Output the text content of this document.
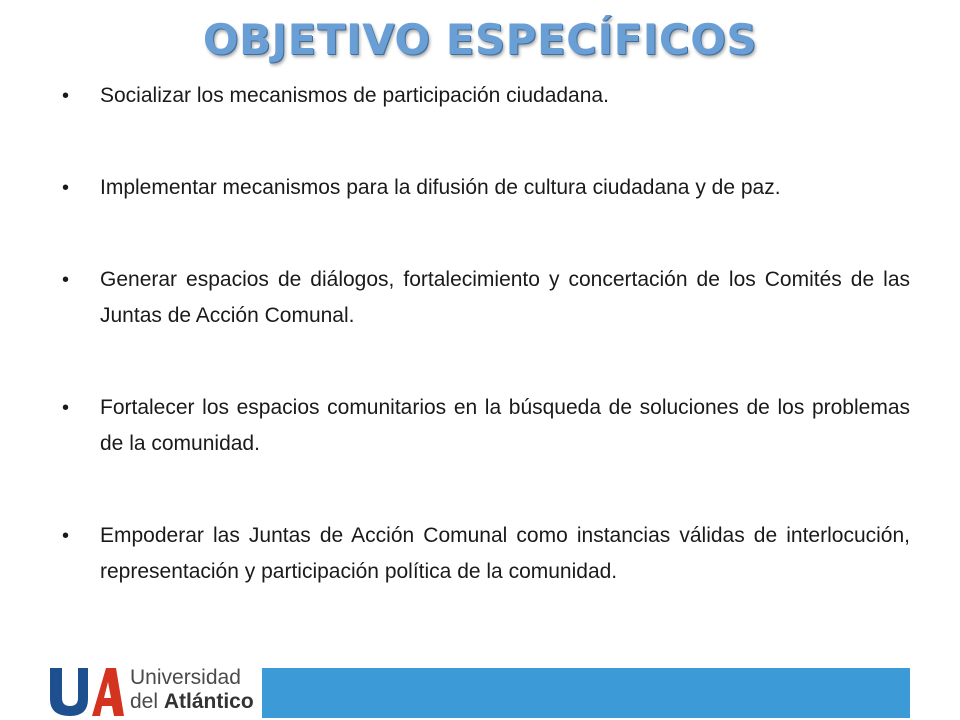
OBJETIVO ESPECÍFICOS
• Socializar los mecanismos de participación ciudadana.
• Implementar mecanismos para la difusión de cultura ciudadana y de paz.
• Generar espacios de diálogos, fortalecimiento y concertación de los Comités de las Juntas de Acción Comunal.
• Fortalecer los espacios comunitarios en la búsqueda de soluciones de los problemas de la comunidad.
• Empoderar las Juntas de Acción Comunal como instancias válidas de interlocución, representación y participación política de la comunidad.
Universidad
del Atlántico
